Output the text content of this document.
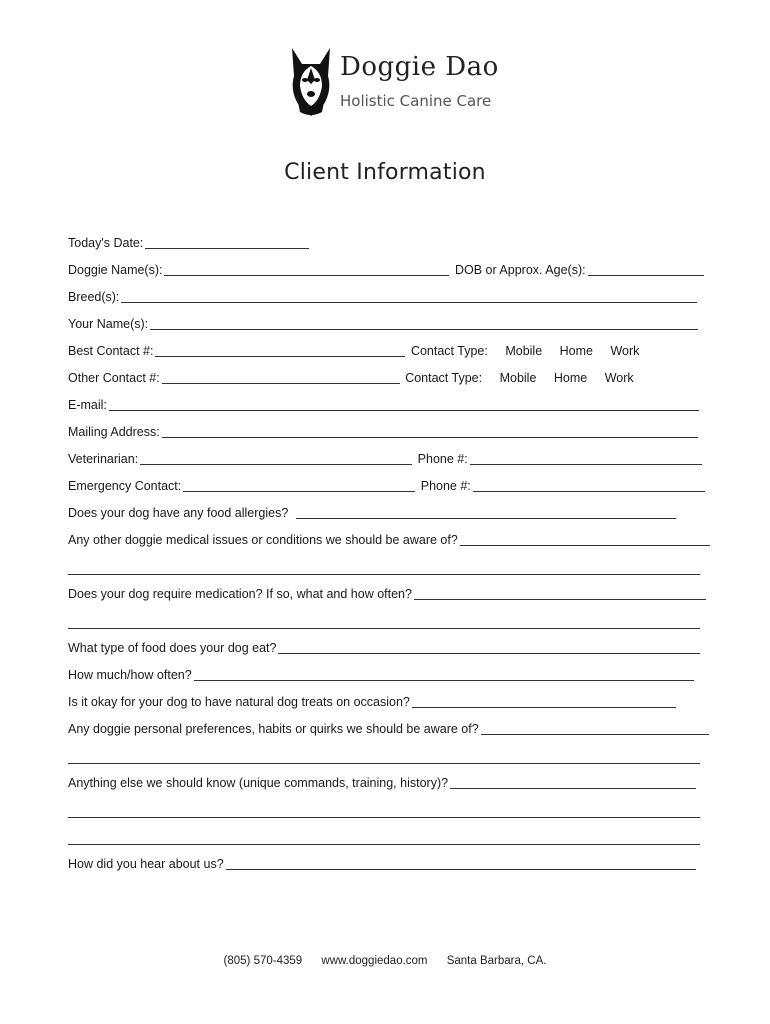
Doggie Dao
Holistic Canine Care
Client Information
Today's Date:
Doggie Name(s):	DOB or Approx. Age(s):
Breed(s):
Your Name(s):
Best Contact #:	Contact Type: Mobile Home Work
Other Contact #:	Contact Type: Mobile Home Work
E-mail:
Mailing Address:
Veterinarian:	Phone #:
Emergency Contact:	Phone #:
Does your dog have any food allergies?
Any other doggie medical issues or conditions we should be aware of?
Does your dog require medication? If so, what and how often?
What type of food does your dog eat?
How much/how often?
Is it okay for your dog to have natural dog treats on occasion?
Any doggie personal preferences, habits or quirks we should be aware of?
Anything else we should know (unique commands, training, history)?
How did you hear about us?
(805) 570-4359 www.doggiedao.com Santa Barbara, CA.
